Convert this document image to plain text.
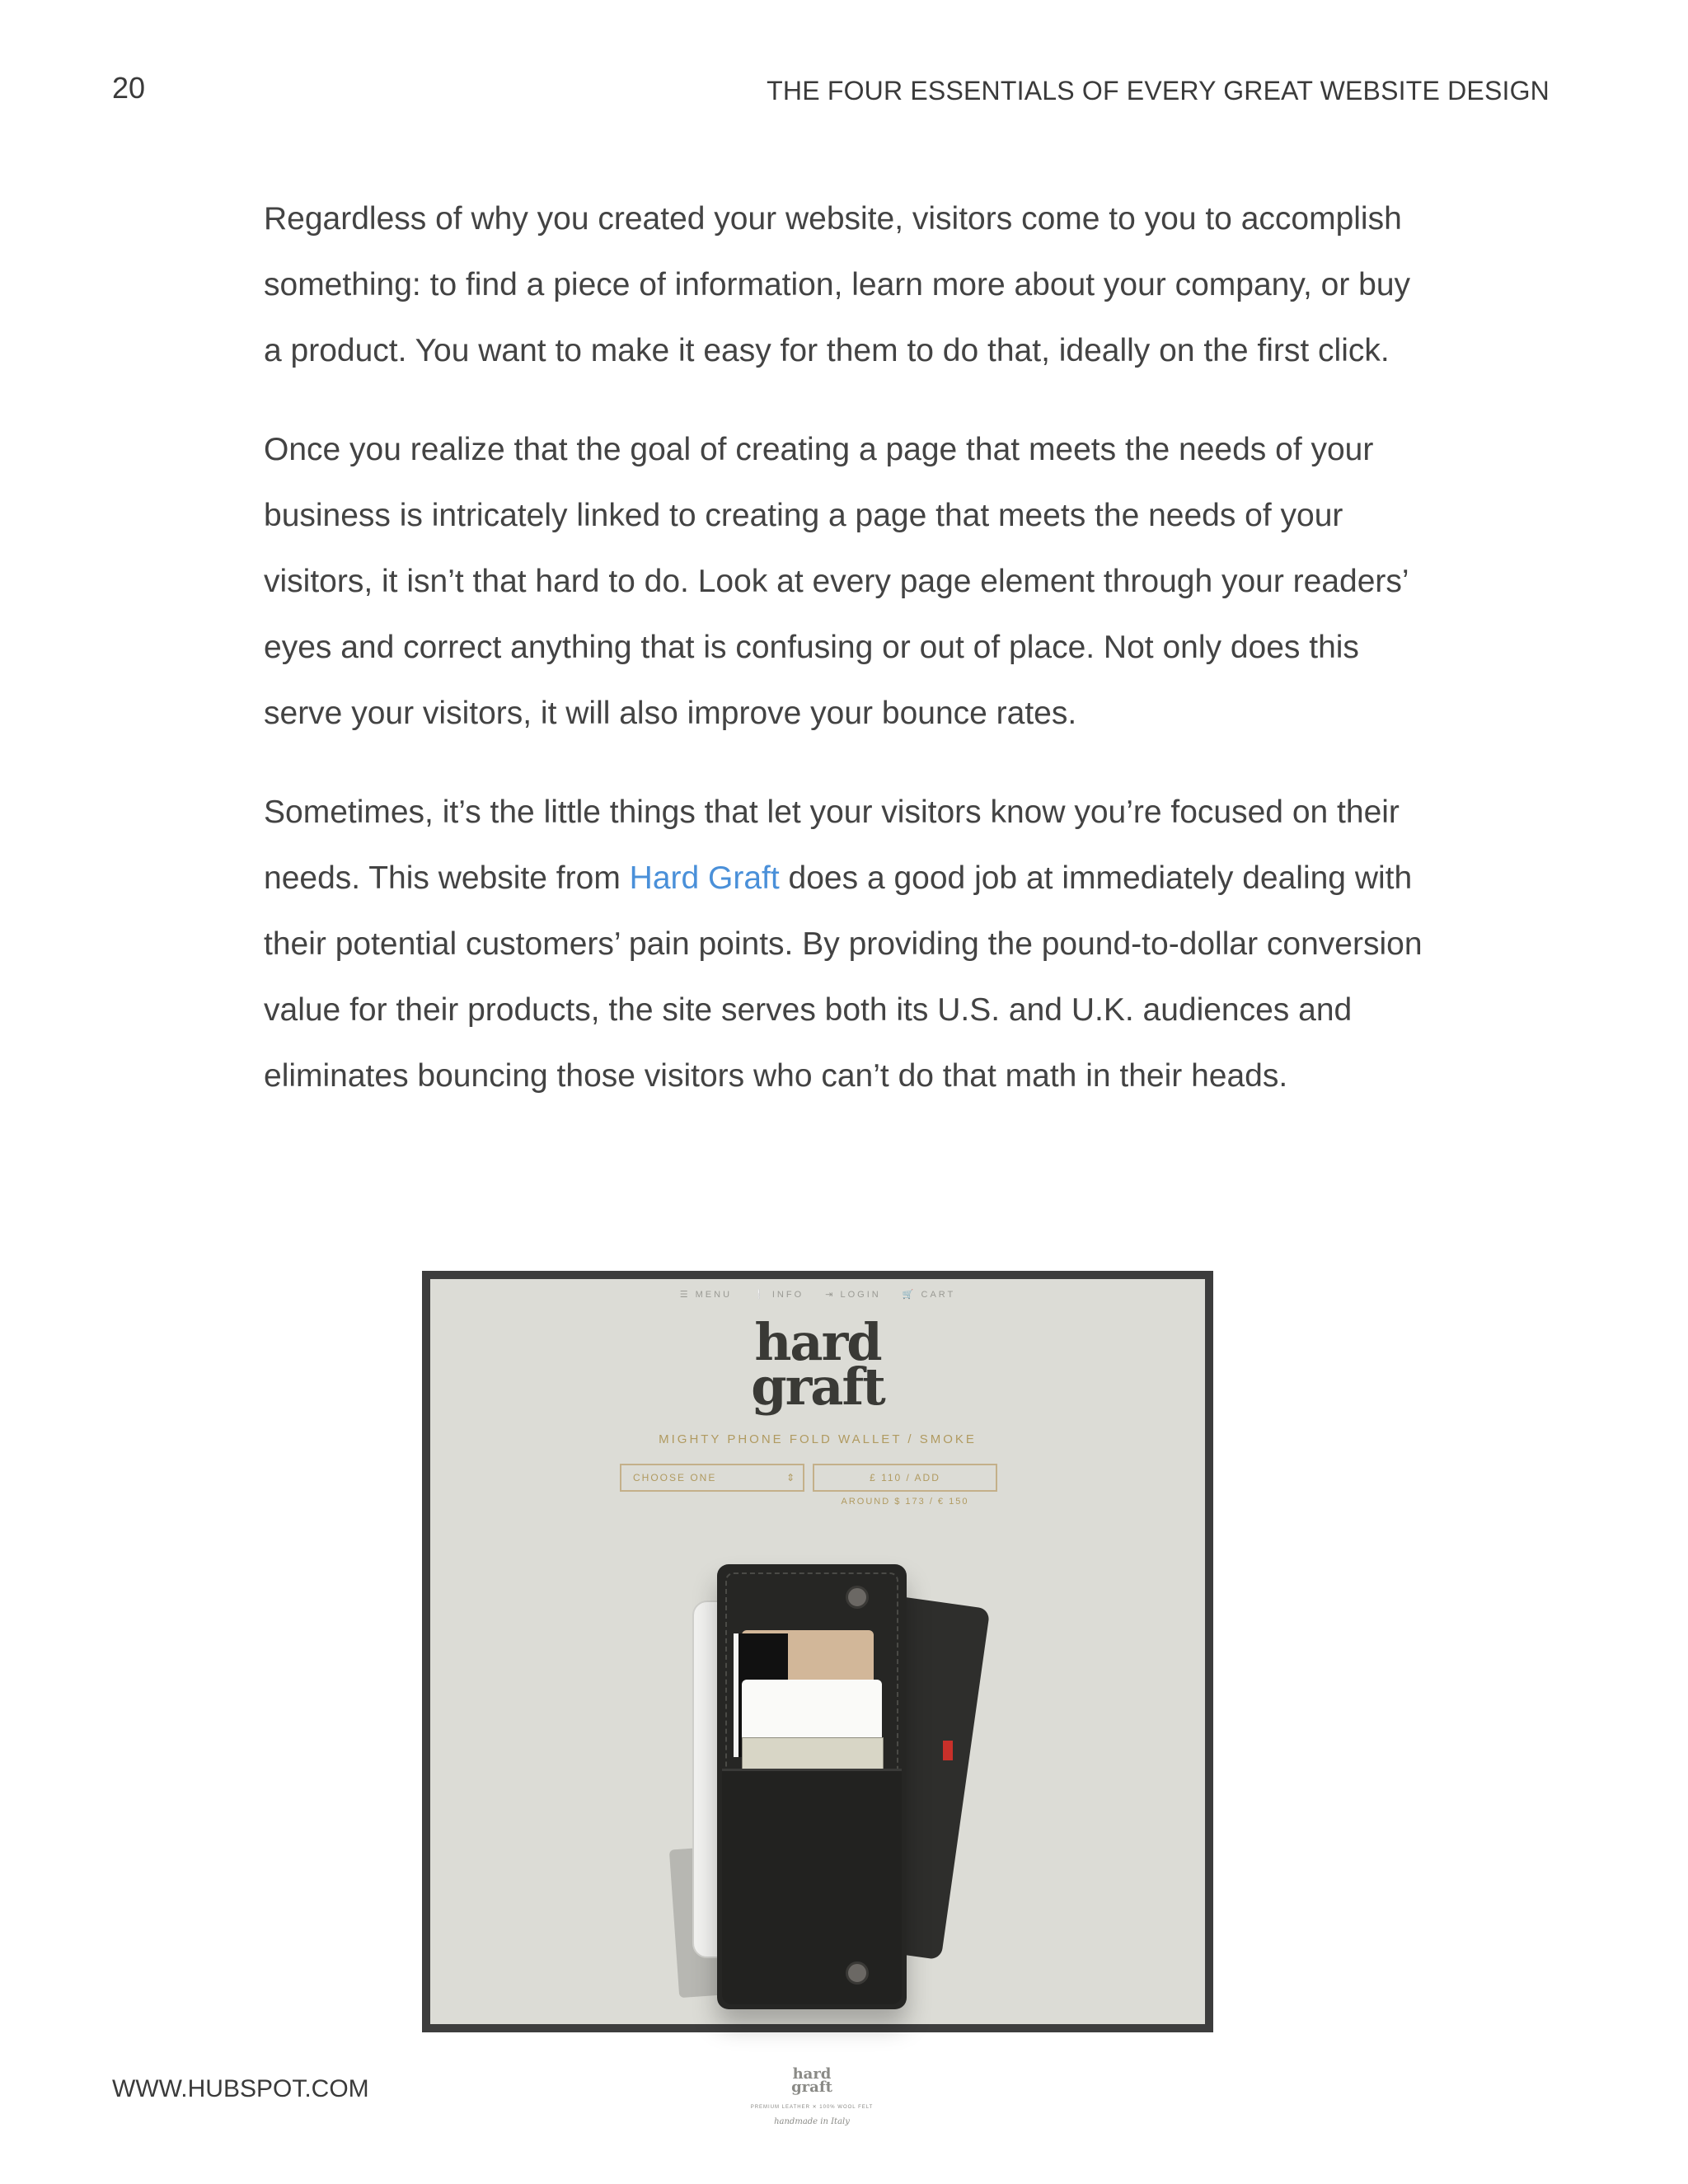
20	THE FOUR ESSENTIALS OF EVERY GREAT WEBSITE DESIGN

Regardless of why you created your website, visitors come to you to accomplish something: to find a piece of information, learn more about your company, or buy a product. You want to make it easy for them to do that, ideally on the first click.

Once you realize that the goal of creating a page that meets the needs of your business is intricately linked to creating a page that meets the needs of your visitors, it isn’t that hard to do. Look at every page element through your readers’ eyes and correct anything that is confusing or out of place. Not only does this serve your visitors, it will also improve your bounce rates.

Sometimes, it’s the little things that let your visitors know you’re focused on their needs. This website from Hard Graft does a good job at immediately dealing with their potential customers’ pain points. By providing the pound-to-dollar conversion value for their products, the site serves both its U.S. and U.K. audiences and eliminates bouncing those visitors who can’t do that math in their heads.

☰ MENU ❕ INFO ⇥ LOGIN 🛒 CART
hard
graft
MIGHTY PHONE FOLD WALLET / SMOKE
CHOOSE ONE	⇕	£ 110 / ADD
AROUND $ 173 / € 150
hard
graft
PREMIUM LEATHER ✕ 100% WOOL FELT
handmade in Italy
WWW.HUBSPOT.COM
